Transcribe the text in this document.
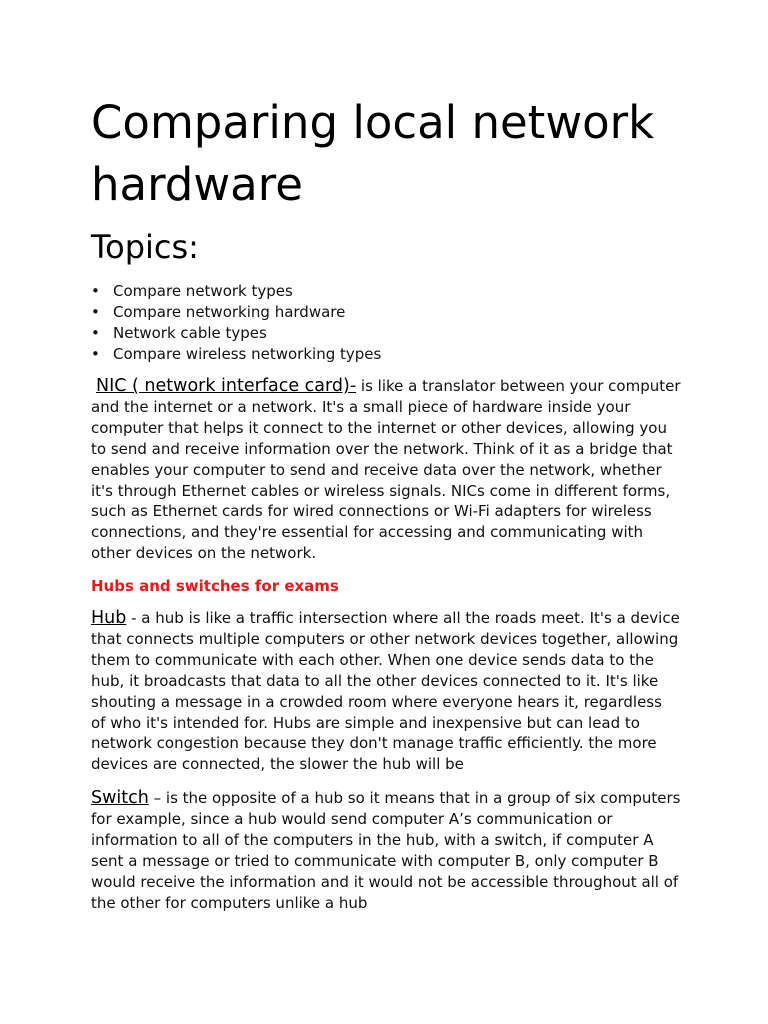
Comparing local network hardware
Topics:
• Compare network types
• Compare networking hardware
• Network cable types
• Compare wireless networking types

NIC ( network interface card)- is like a translator between your computer and the internet or a network. It's a small piece of hardware inside your computer that helps it connect to the internet or other devices, allowing you to send and receive information over the network. Think of it as a bridge that enables your computer to send and receive data over the network, whether it's through Ethernet cables or wireless signals. NICs come in different forms, such as Ethernet cards for wired connections or Wi-Fi adapters for wireless connections, and they're essential for accessing and communicating with other devices on the network.

Hubs and switches for exams

Hub - a hub is like a traffic intersection where all the roads meet. It's a device that connects multiple computers or other network devices together, allowing them to communicate with each other. When one device sends data to the hub, it broadcasts that data to all the other devices connected to it. It's like shouting a message in a crowded room where everyone hears it, regardless of who it's intended for. Hubs are simple and inexpensive but can lead to network congestion because they don't manage traffic efficiently. the more devices are connected, the slower the hub will be

Switch – is the opposite of a hub so it means that in a group of six computers for example, since a hub would send computer A’s communication or information to all of the computers in the hub, with a switch, if computer A sent a message or tried to communicate with computer B, only computer B would receive the information and it would not be accessible throughout all of the other for computers unlike a hub
